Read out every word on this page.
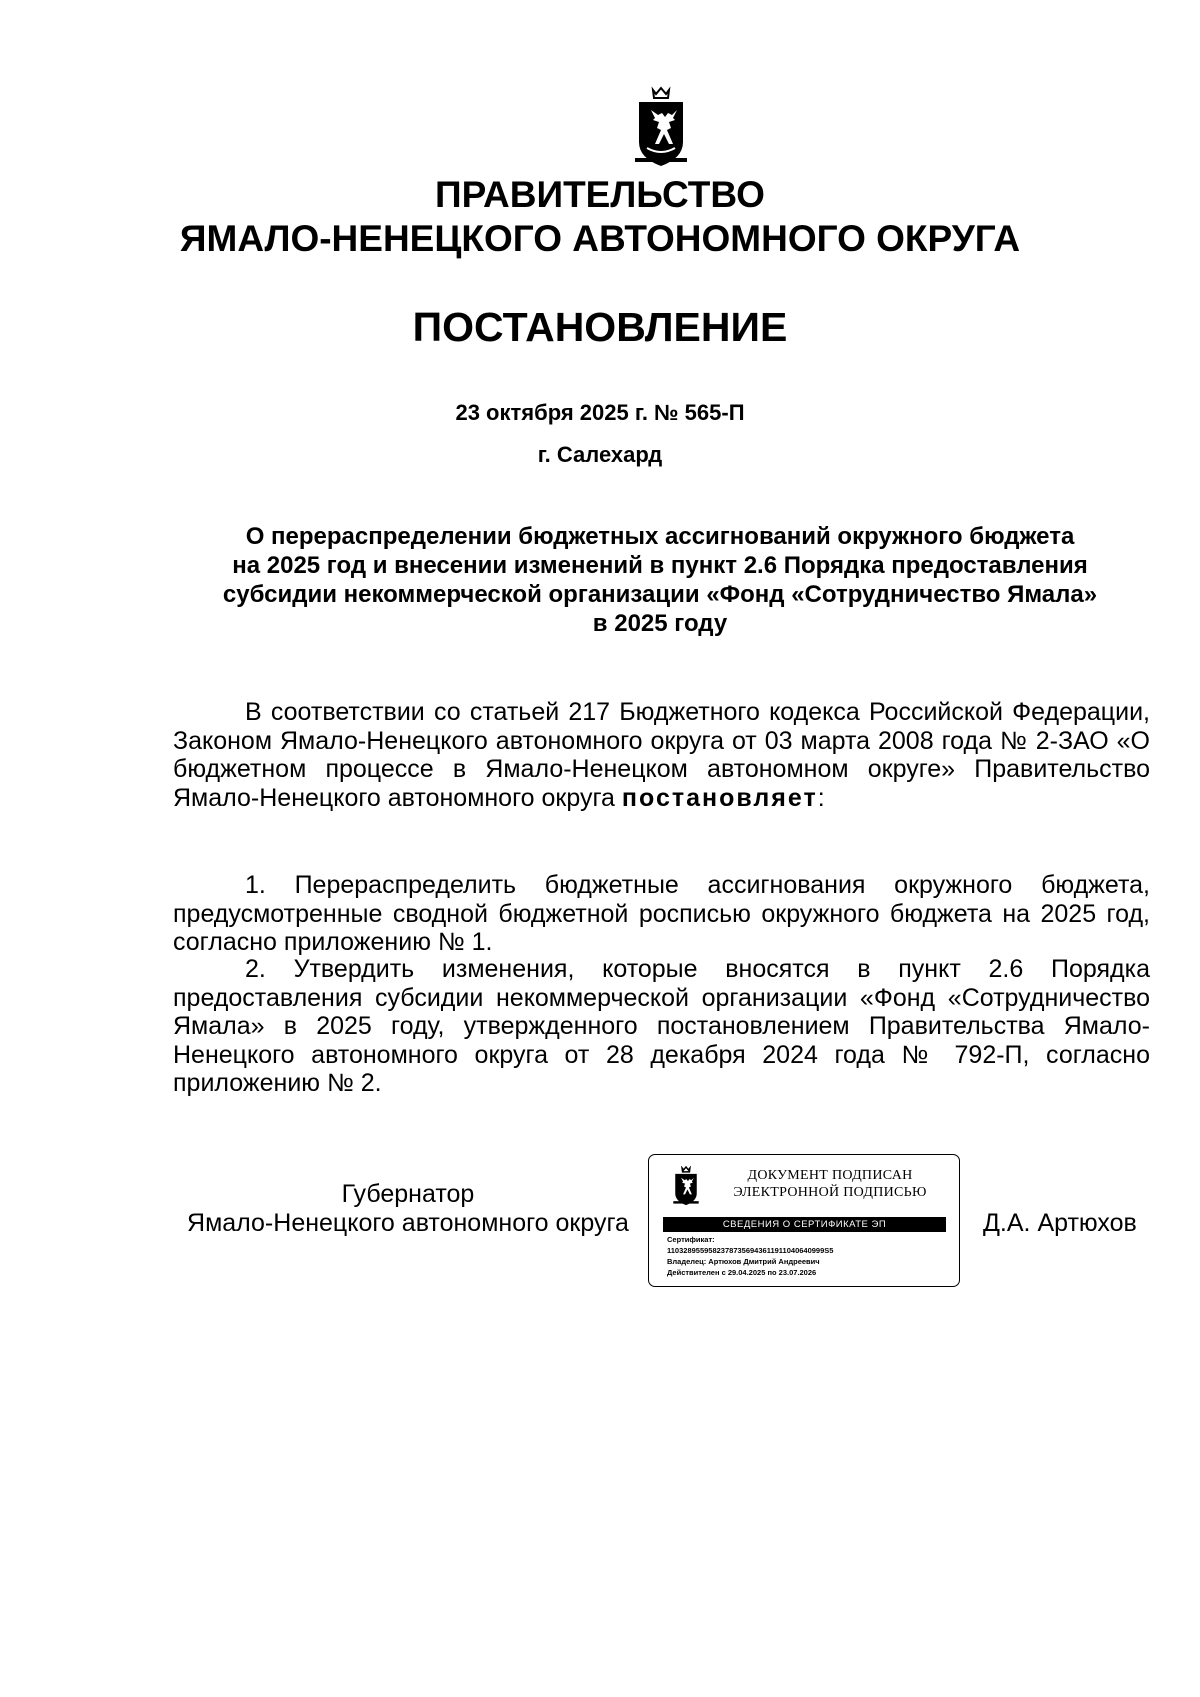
ПРАВИТЕЛЬСТВО
ЯМАЛО-НЕНЕЦКОГО АВТОНОМНОГО ОКРУГА
ПОСТАНОВЛЕНИЕ
23 октября 2025 г. № 565-П
г. Салехард
О перераспределении бюджетных ассигнований окружного бюджета
на 2025 год и внесении изменений в пункт 2.6 Порядка предоставления
субсидии некоммерческой организации «Фонд «Сотрудничество Ямала»
в 2025 году
В соответствии со статьей 217 Бюджетного кодекса Российской Федерации, Законом Ямало-Ненецкого автономного округа от 03 марта 2008 года № 2-ЗАО «О бюджетном процессе в Ямало-Ненецком автономном округе» Правительство Ямало-Ненецкого автономного округа постановляет:
1. Перераспределить бюджетные ассигнования окружного бюджета, предусмотренные сводной бюджетной росписью окружного бюджета на 2025 год, согласно приложению № 1.
2. Утвердить изменения, которые вносятся в пункт 2.6 Порядка предоставления субсидии некоммерческой организации «Фонд «Сотрудничество Ямала» в 2025 году, утвержденного постановлением Правительства Ямало-Ненецкого автономного округа от 28 декабря 2024 года № 792-П, согласно приложению № 2.
Губернатор
Ямало-Ненецкого автономного округа
ДОКУМЕНТ ПОДПИСАН
ЭЛЕКТРОННОЙ ПОДПИСЬЮ
СВЕДЕНИЯ О СЕРТИФИКАТЕ ЭП
Сертификат:
11032895595823787356943611911040640999S5
Владелец: Артюхов Дмитрий Андреевич
Действителен с 29.04.2025 по 23.07.2026
Д.А. Артюхов
